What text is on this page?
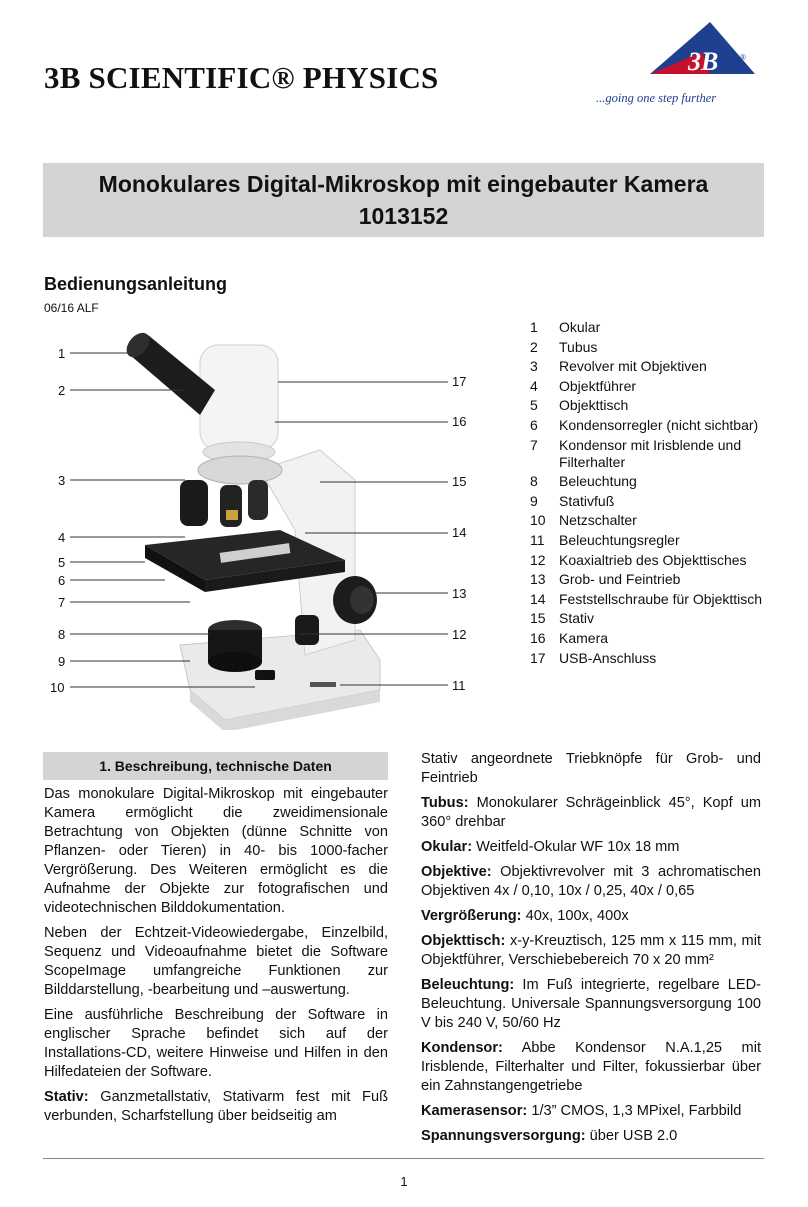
3B SCIENTIFIC® PHYSICS	3B	®
...going one step further
Monokulares Digital-Mikroskop mit eingebauter Kamera
1013152
Bedienungsanleitung
06/16 ALF
1
2
3
4
5
6
7
8
9
10	11
12
13
14
15
16
17
1	Okular
2	Tubus
3	Revolver mit Objektiven
4	Objektführer
5	Objekttisch
6	Kondensorregler (nicht sichtbar)
7	Kondensor mit Irisblende und Filterhalter
8	Beleuchtung
9	Stativfuß
10 Netzschalter
11	Beleuchtungsregler
12 Koaxialtrieb des Objekttisches
13 Grob- und Feintrieb
14 Feststellschraube für Objekttisch
15 Stativ
16 Kamera
17 USB-Anschluss
1. Beschreibung, technische Daten

Das monokulare Digital-Mikroskop mit eingebauter Kamera ermöglicht die zweidimensionale Betrachtung von Objekten (dünne Schnitte von Pflanzen- oder Tieren) in 40- bis 1000-facher Vergrößerung. Des Weiteren ermöglicht es die Aufnahme der Objekte zur fotografischen und videotechnischen Bilddokumentation.

Neben der Echtzeit-Videowiedergabe, Einzelbild, Sequenz und Videoaufnahme bietet die Software ScopeImage umfangreiche Funktionen zur Bilddarstellung, -bearbeitung und –auswertung.

Eine ausführliche Beschreibung der Software in englischer Sprache befindet sich auf der Installations-CD, weitere Hinweise und Hilfen in den Hilfedateien der Software.

Stativ: Ganzmetallstativ, Stativarm fest mit Fuß verbunden, Scharfstellung über beidseitig am

Stativ angeordnete Triebknöpfe für Grob- und Feintrieb

Tubus: Monokularer Schrägeinblick 45°, Kopf um 360° drehbar

Okular: Weitfeld-Okular WF 10x 18 mm

Objektive: Objektivrevolver mit 3 achromatischen Objektiven 4x / 0,10, 10x / 0,25, 40x / 0,65

Vergrößerung: 40x, 100x, 400x

Objekttisch: x-y-Kreuztisch, 125 mm x 115 mm, mit Objektführer, Verschiebebereich 70 x 20 mm²

Beleuchtung: Im Fuß integrierte, regelbare LED-Beleuchtung. Universale Spannungsversorgung 100 V bis 240 V, 50/60 Hz

Kondensor: Abbe Kondensor N.A.1,25 mit Irisblende, Filterhalter und Filter, fokussierbar über ein Zahnstangengetriebe

Kamerasensor: 1/3” CMOS, 1,3 MPixel, Farbbild

Spannungsversorgung: über USB 2.0

1
